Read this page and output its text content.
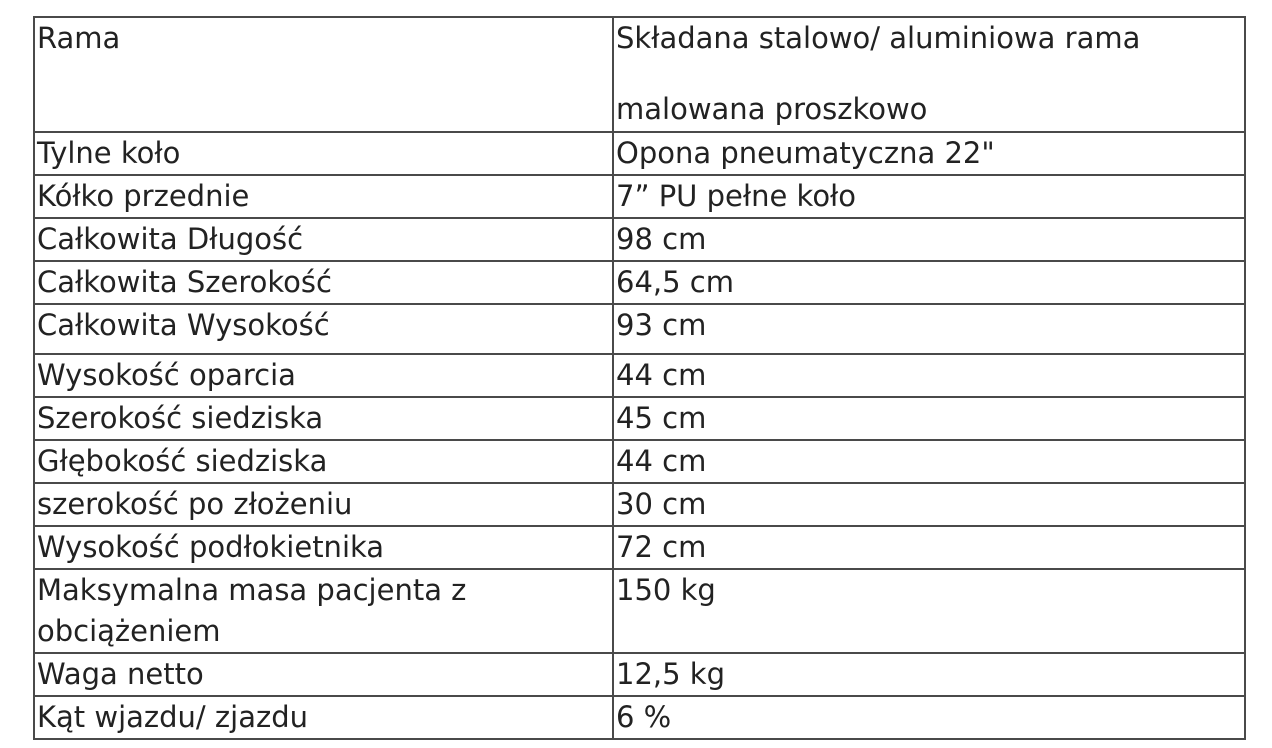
Rama	Składana stalowo/ aluminiowa rama
malowana proszkowo

Tylne koło	Opona pneumatyczna 22"
Kółko przednie	7” PU pełne koło
Całkowita Długość	98 cm
Całkowita Szerokość	64,5 cm
Całkowita Wysokość	93 cm
Wysokość oparcia	44 cm
Szerokość siedziska	45 cm
Głębokość siedziska	44 cm
szerokość po złożeniu	30 cm
Wysokość podłokietnika	72 cm
Maksymalna masa pacjenta z obciążeniem	150 kg
Waga netto	12,5 kg
Kąt wjazdu/ zjazdu	6 %
